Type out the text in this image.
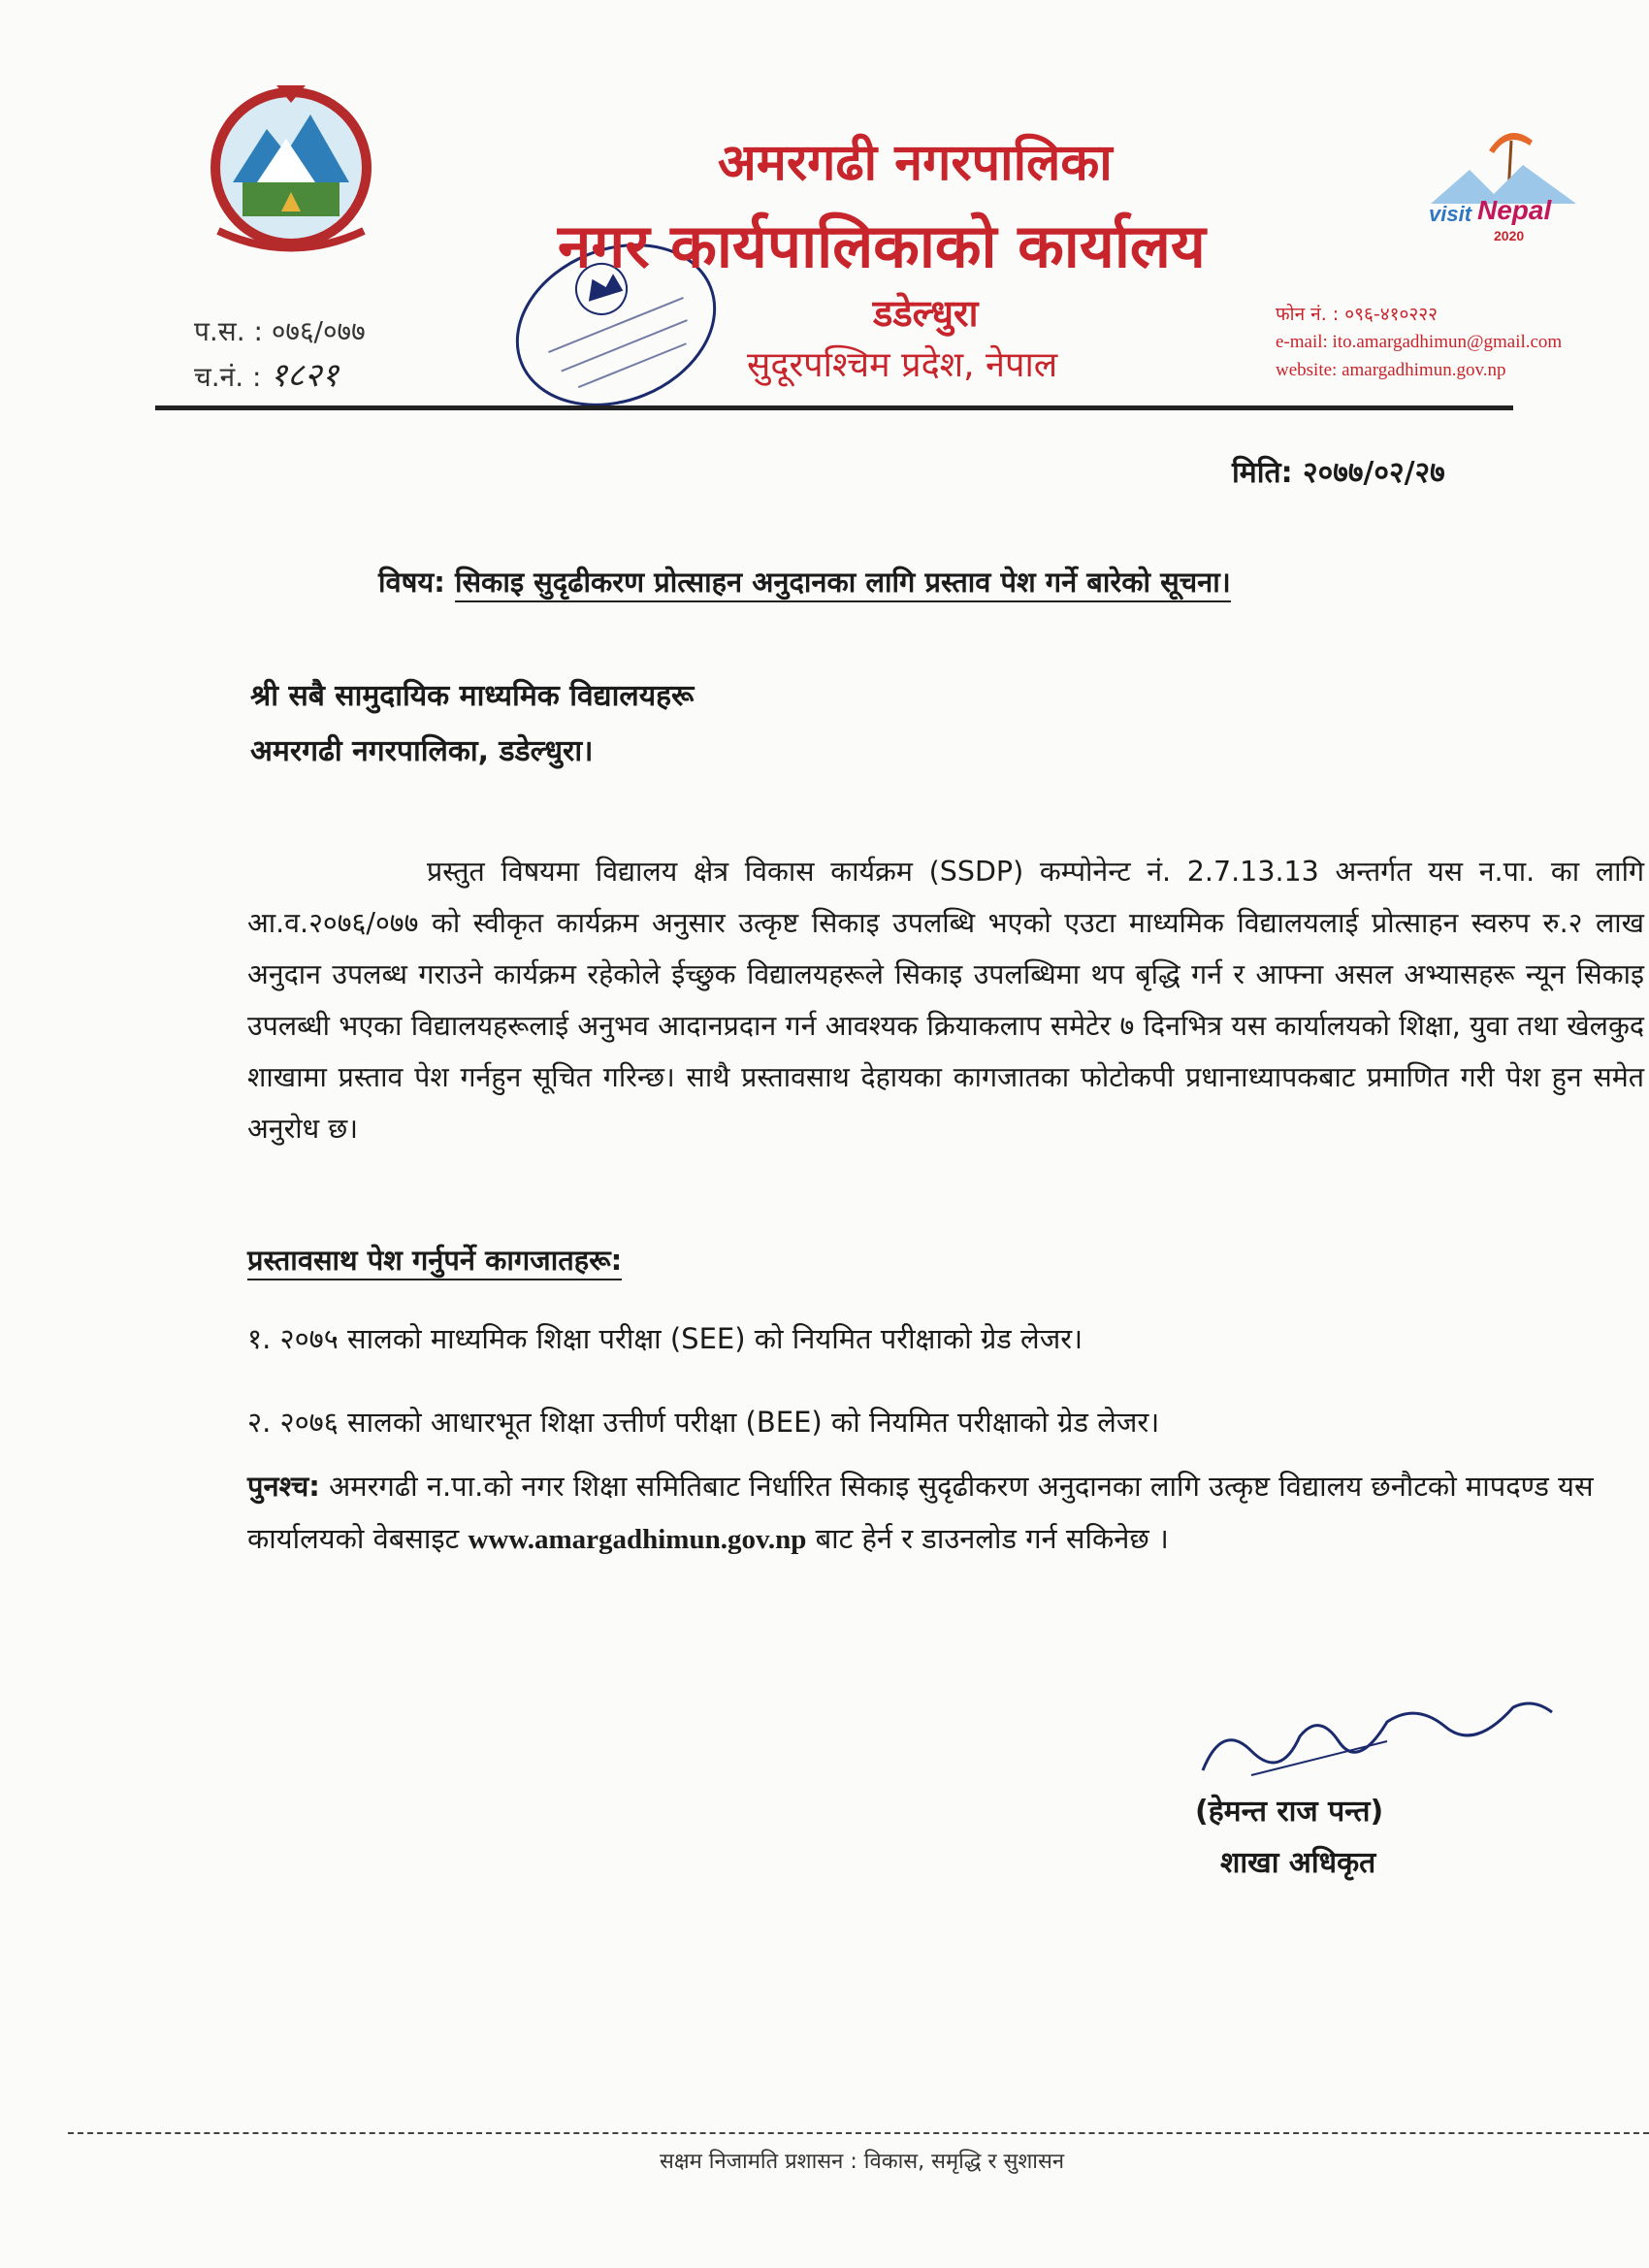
visit Nepal
2020
अमरगढी नगरपालिका
नगर कार्यपालिकाको कार्यालय
डडेल्धुरा
सुदूरपश्चिम प्रदेश, नेपाल
प.स. : ०७६/०७७
च.नं. : १८२१
फोन नं. : ०९६-४१०२२२
e-mail: ito.amargadhimun@gmail.com
website: amargadhimun.gov.np
मिति: २०७७/०२/२७
विषय: सिकाइ सुदृढीकरण प्रोत्साहन अनुदानका लागि प्रस्ताव पेश गर्ने बारेको सूचना।
श्री सबै सामुदायिक माध्यमिक विद्यालयहरू
अमरगढी नगरपालिका, डडेल्धुरा।

प्रस्तुत विषयमा विद्यालय क्षेत्र विकास कार्यक्रम (SSDP) कम्पोनेन्ट नं. 2.7.13.13 अन्तर्गत यस न.पा. का लागि आ.व.२०७६/०७७ को स्वीकृत कार्यक्रम अनुसार उत्कृष्ट सिकाइ उपलब्धि भएको एउटा माध्यमिक विद्यालयलाई प्रोत्साहन स्वरुप रु.२ लाख अनुदान उपलब्ध गराउने कार्यक्रम रहेकोले ईच्छुक विद्यालयहरूले सिकाइ उपलब्धिमा थप बृद्धि गर्न र आफ्ना असल अभ्यासहरू न्यून सिकाइ उपलब्धी भएका विद्यालयहरूलाई अनुभव आदानप्रदान गर्न आवश्यक क्रियाकलाप समेटेर ७ दिनभित्र यस कार्यालयको शिक्षा, युवा तथा खेलकुद शाखामा प्रस्ताव पेश गर्नहुन सूचित गरिन्छ। साथै प्रस्तावसाथ देहायका कागजातका फोटोकपी प्रधानाध्यापकबाट प्रमाणित गरी पेश हुन समेत अनुरोध छ।

प्रस्तावसाथ पेश गर्नुपर्ने कागजातहरू:
१. २०७५ सालको माध्यमिक शिक्षा परीक्षा (SEE) को नियमित परीक्षाको ग्रेड लेजर।
२. २०७६ सालको आधारभूत शिक्षा उत्तीर्ण परीक्षा (BEE) को नियमित परीक्षाको ग्रेड लेजर।
पुनश्च: अमरगढी न.पा.को नगर शिक्षा समितिबाट निर्धारित सिकाइ सुदृढीकरण अनुदानका लागि उत्कृष्ट विद्यालय छनौटको मापदण्ड यस कार्यालयको वेबसाइट www.amargadhimun.gov.np बाट हेर्न र डाउनलोड गर्न सकिनेछ ।
(हेमन्त राज पन्त)
शाखा अधिकृत
सक्षम निजामति प्रशासन : विकास, समृद्धि र सुशासन
